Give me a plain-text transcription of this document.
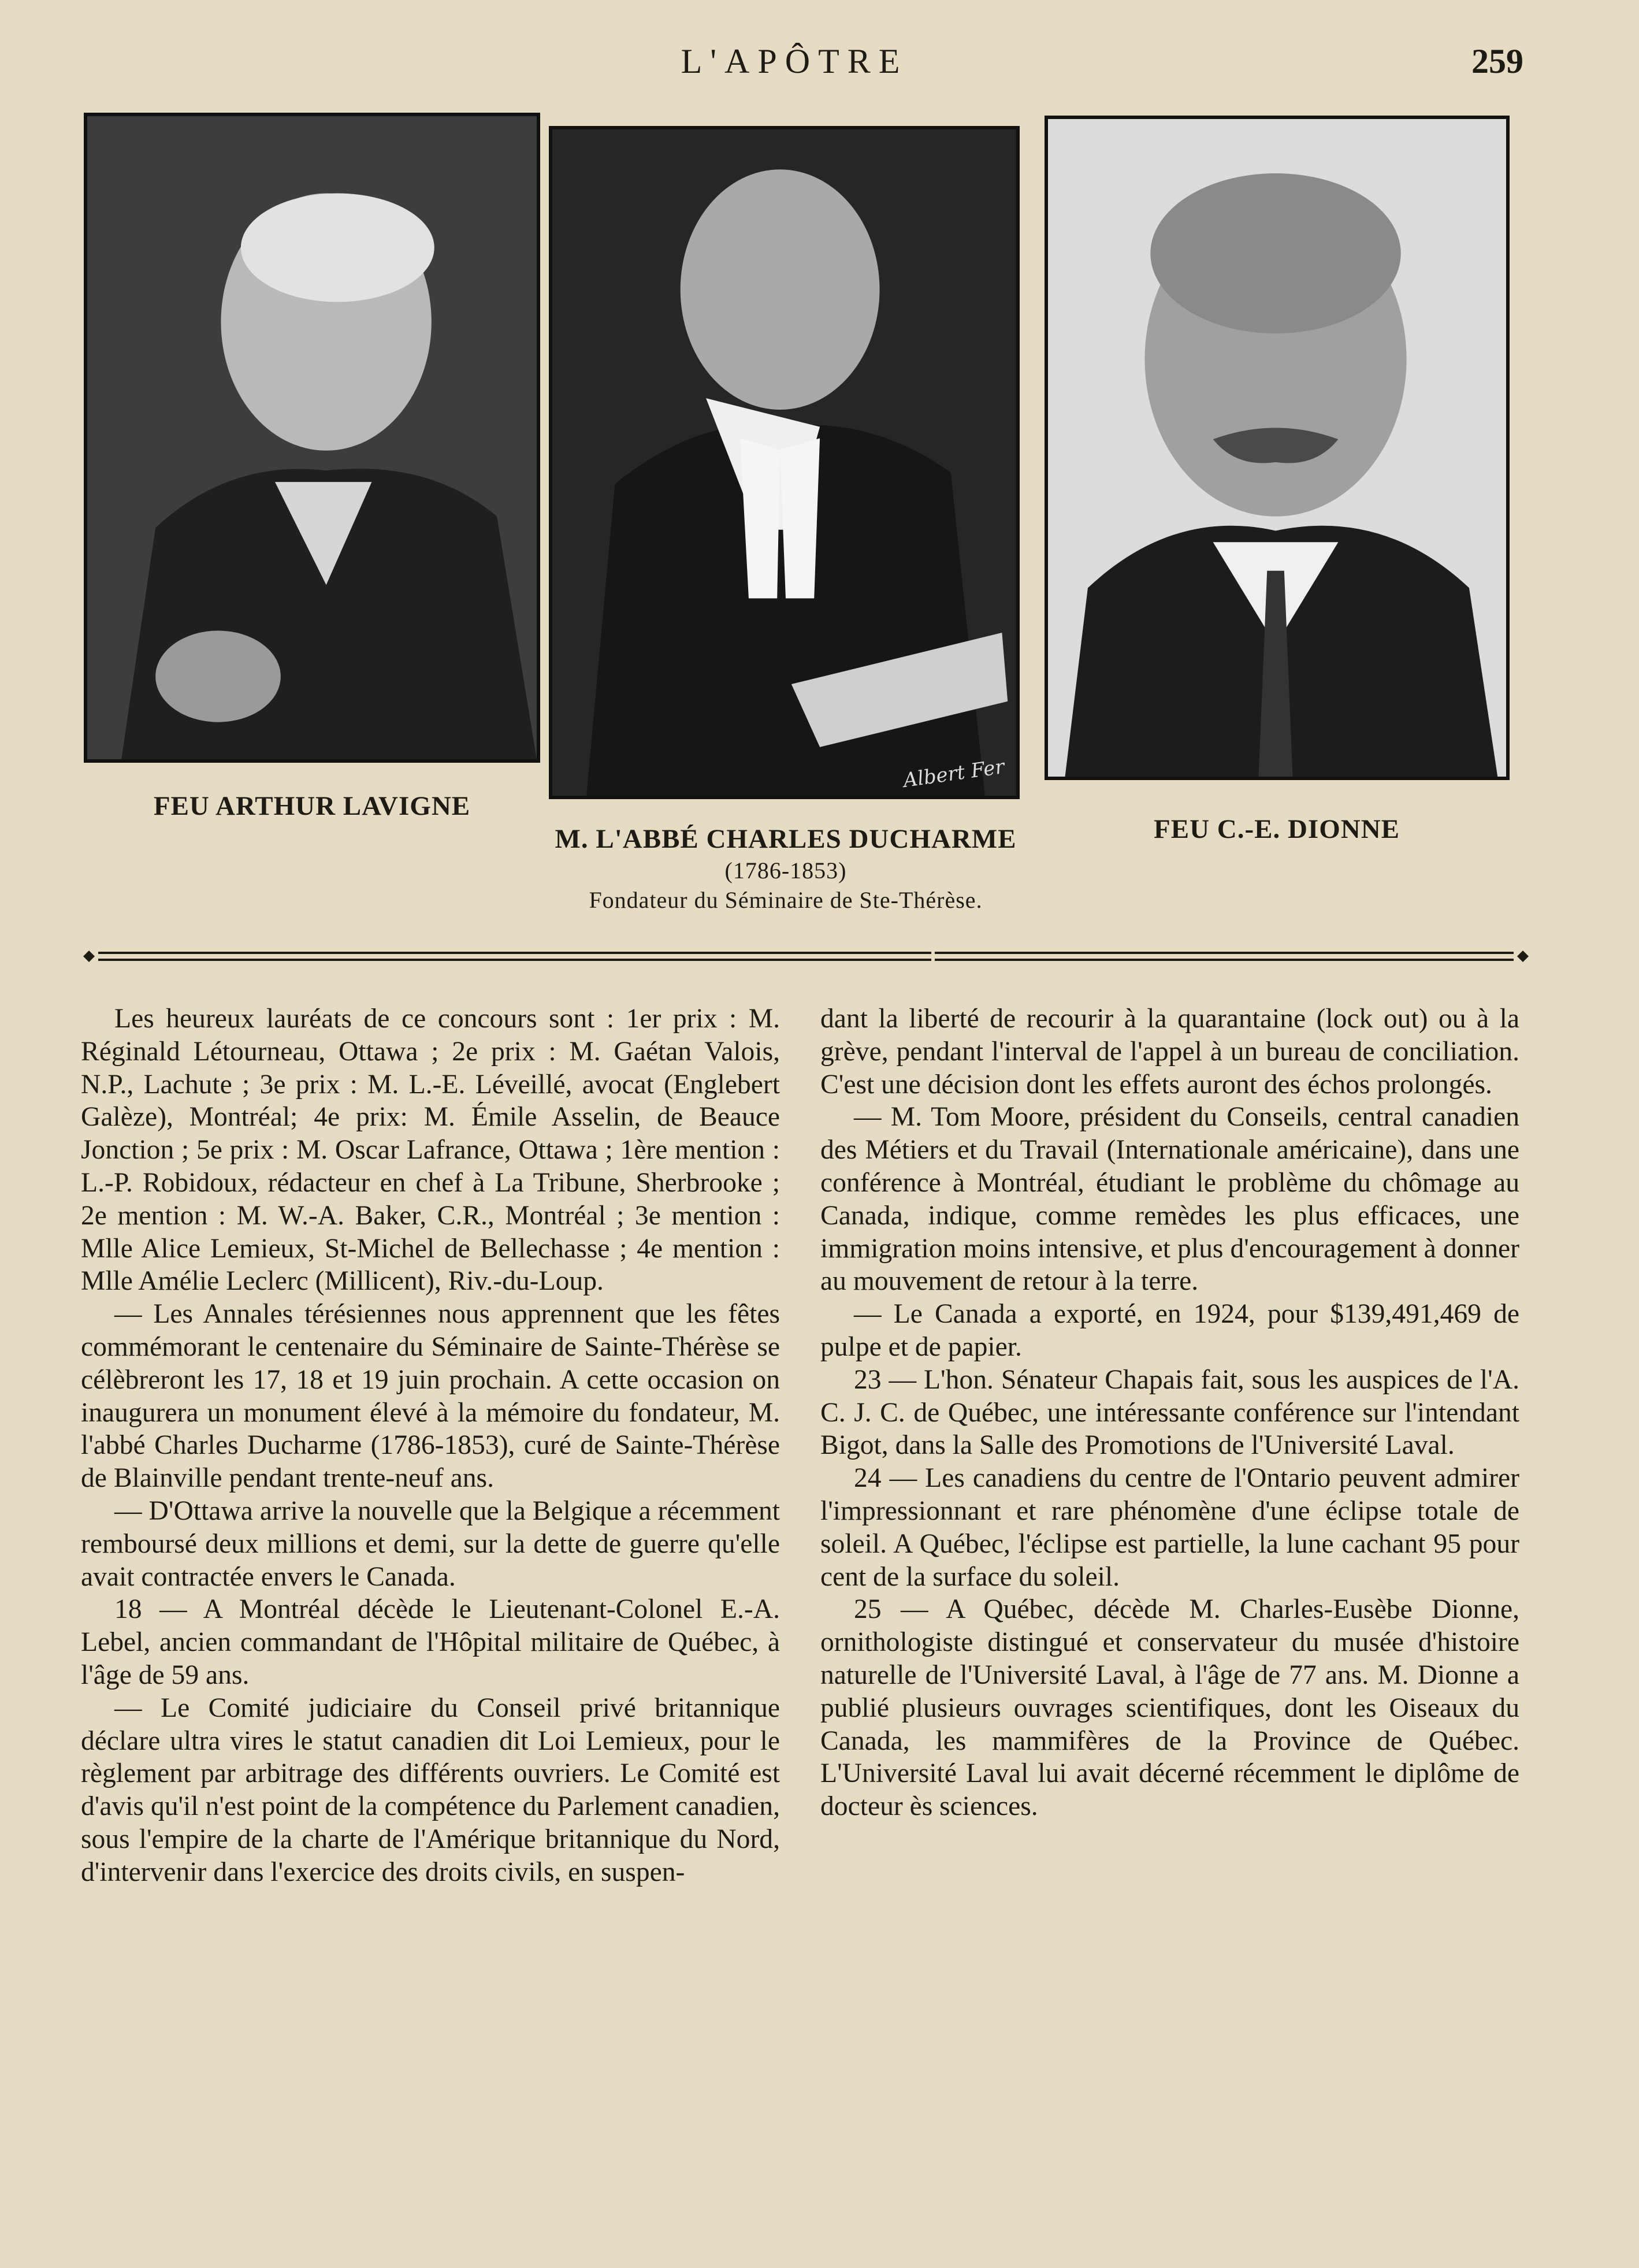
L'APÔTRE	259
Albert Fer
FEU ARTHUR LAVIGNE
M. L'ABBÉ CHARLES DUCHARME
(1786-1853)
Fondateur du Séminaire de Ste-Thérèse.
FEU C.-E. DIONNE

Les heureux lauréats de ce concours sont : 1er prix : M. Réginald Létourneau, Ottawa ; 2e prix : M. Gaétan Valois, N.P., Lachute ; 3e prix : M. L.-E. Léveillé, avocat (Englebert Galèze), Montréal; 4e prix: M. Émile Asselin, de Beauce Jonction ; 5e prix : M. Oscar Lafrance, Ottawa ; 1ère mention : L.-P. Robidoux, rédacteur en chef à La Tribune, Sherbrooke ; 2e mention : M. W.-A. Baker, C.R., Montréal ; 3e mention : Mlle Alice Lemieux, St-Michel de Bellechasse ; 4e mention : Mlle Amélie Leclerc (Millicent), Riv.-du-Loup.

— Les Annales térésiennes nous apprennent que les fêtes commémorant le centenaire du Séminaire de Sainte-Thérèse se célèbreront les 17, 18 et 19 juin prochain. A cette occasion on inaugurera un monument élevé à la mémoire du fondateur, M. l'abbé Charles Ducharme (1786-1853), curé de Sainte-Thérèse de Blainville pendant trente-neuf ans.

— D'Ottawa arrive la nouvelle que la Belgique a récemment remboursé deux millions et demi, sur la dette de guerre qu'elle avait contractée envers le Canada.

18 — A Montréal décède le Lieutenant-Colonel E.-A. Lebel, ancien commandant de l'Hôpital militaire de Québec, à l'âge de 59 ans.

— Le Comité judiciaire du Conseil privé britannique déclare ultra vires le statut canadien dit Loi Lemieux, pour le règlement par arbitrage des différents ouvriers. Le Comité est d'avis qu'il n'est point de la compétence du Parlement canadien, sous l'empire de la charte de l'Amérique britannique du Nord, d'intervenir dans l'exercice des droits civils, en suspen-

dant la liberté de recourir à la quarantaine (lock out) ou à la grève, pendant l'interval de l'appel à un bureau de conciliation. C'est une décision dont les effets auront des échos prolongés.

— M. Tom Moore, président du Conseils, central canadien des Métiers et du Travail (Internationale américaine), dans une conférence à Montréal, étudiant le problème du chômage au Canada, indique, comme remèdes les plus efficaces, une immigration moins intensive, et plus d'encouragement à donner au mouvement de retour à la terre.

— Le Canada a exporté, en 1924, pour $139,491,469 de pulpe et de papier.

23 — L'hon. Sénateur Chapais fait, sous les auspices de l'A. C. J. C. de Québec, une intéressante conférence sur l'intendant Bigot, dans la Salle des Promotions de l'Université Laval.

24 — Les canadiens du centre de l'Ontario peuvent admirer l'impressionnant et rare phénomène d'une éclipse totale de soleil. A Québec, l'éclipse est partielle, la lune cachant 95 pour cent de la surface du soleil.

25 — A Québec, décède M. Charles-Eusèbe Dionne, ornithologiste distingué et conservateur du musée d'histoire naturelle de l'Université Laval, à l'âge de 77 ans. M. Dionne a publié plusieurs ouvrages scientifiques, dont les Oiseaux du Canada, les mammifères de la Province de Québec. L'Université Laval lui avait décerné récemment le diplôme de docteur ès sciences.
